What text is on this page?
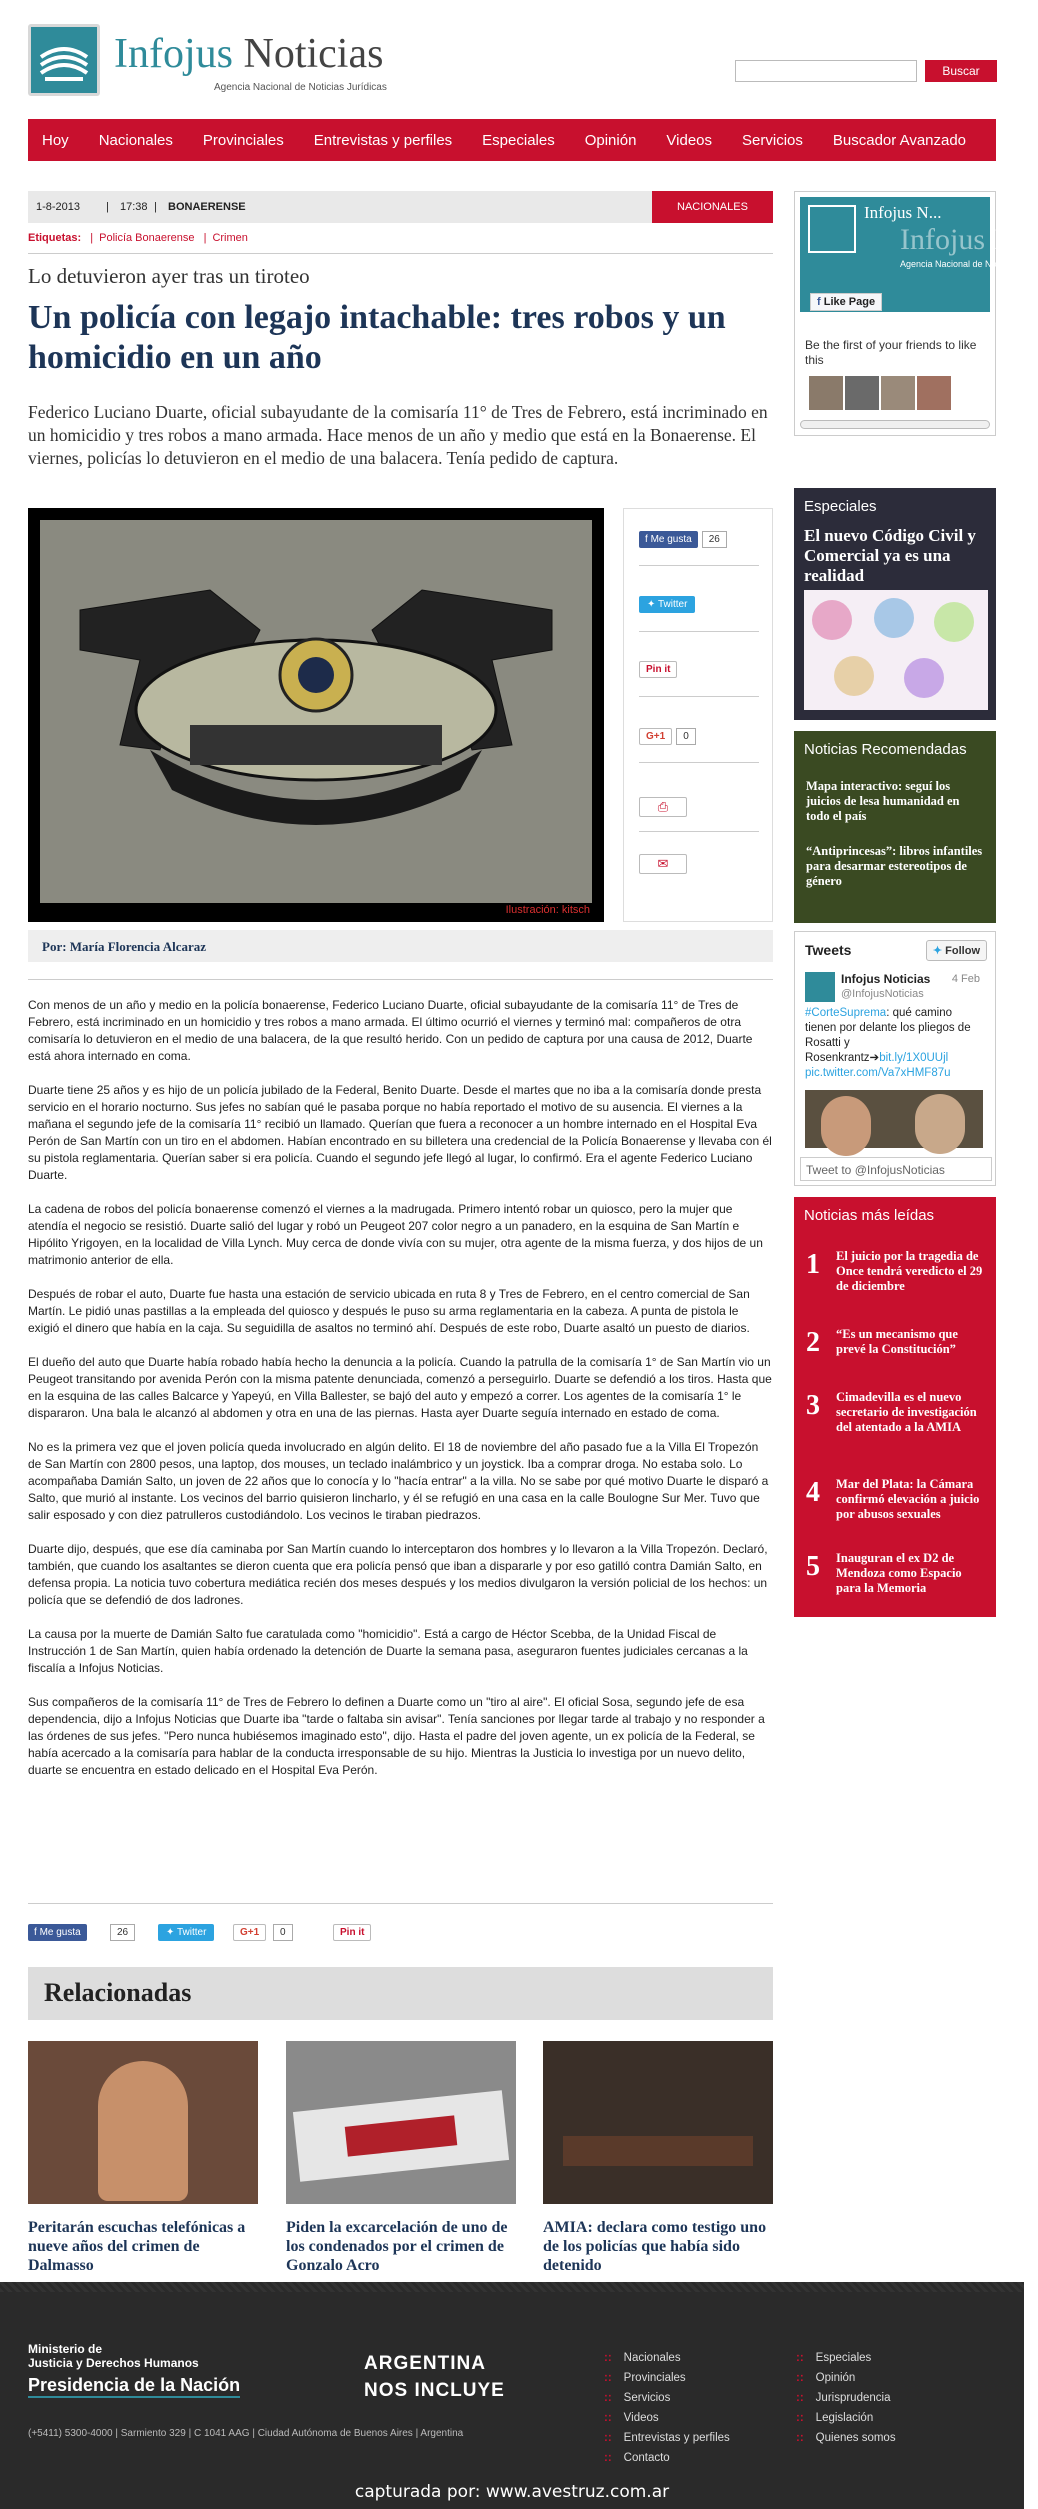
Infojus Noticias
Agencia Nacional de Noticias Jurídicas
Buscar
Hoy Nacionales Provinciales Entrevistas y perfiles Especiales Opinión Videos Servicios Buscador Avanzado
1-8-2013 | 17:38 | BONAERENSE	NACIONALES
Etiquetas: | Policía Bonaerense | Crimen
Lo detuvieron ayer tras un tiroteo
Un policía con legajo intachable: tres robos y un homicidio en un año
Federico Luciano Duarte, oficial subayudante de la comisaría 11° de Tres de Febrero, está incriminado en un homicidio y tres robos a mano armada. Hace menos de un año y medio que está en la Bonaerense. El viernes, policías lo detuvieron en el medio de una balacera. Tenía pedido de captura.
Ilustración: kitsch
f Me gusta 26
✦ Twitter
Pin it
G+1 0
⎙
✉
Por: María Florencia Alcaraz

Con menos de un año y medio en la policía bonaerense, Federico Luciano Duarte, oficial subayudante de la comisaría 11° de Tres de Febrero, está incriminado en un homicidio y tres robos a mano armada. El último ocurrió el viernes y terminó mal: compañeros de otra comisaría lo detuvieron en el medio de una balacera, de la que resultó herido. Con un pedido de captura por una causa de 2012, Duarte está ahora internado en coma.

Duarte tiene 25 años y es hijo de un policía jubilado de la Federal, Benito Duarte. Desde el martes que no iba a la comisaría donde presta servicio en el horario nocturno. Sus jefes no sabían qué le pasaba porque no había reportado el motivo de su ausencia. El viernes a la mañana el segundo jefe de la comisaría 11° recibió un llamado. Querían que fuera a reconocer a un hombre internado en el Hospital Eva Perón de San Martín con un tiro en el abdomen. Habían encontrado en su billetera una credencial de la Policía Bonaerense y llevaba con él su pistola reglamentaria. Querían saber si era policía. Cuando el segundo jefe llegó al lugar, lo confirmó. Era el agente Federico Luciano Duarte.

La cadena de robos del policía bonaerense comenzó el viernes a la madrugada. Primero intentó robar un quiosco, pero la mujer que atendía el negocio se resistió. Duarte salió del lugar y robó un Peugeot 207 color negro a un panadero, en la esquina de San Martín e Hipólito Yrigoyen, en la localidad de Villa Lynch. Muy cerca de donde vivía con su mujer, otra agente de la misma fuerza, y dos hijos de un matrimonio anterior de ella.

Después de robar el auto, Duarte fue hasta una estación de servicio ubicada en ruta 8 y Tres de Febrero, en el centro comercial de San Martín. Le pidió unas pastillas a la empleada del quiosco y después le puso su arma reglamentaria en la cabeza. A punta de pistola le exigió el dinero que había en la caja. Su seguidilla de asaltos no terminó ahí. Después de este robo, Duarte asaltó un puesto de diarios.

El dueño del auto que Duarte había robado había hecho la denuncia a la policía. Cuando la patrulla de la comisaría 1° de San Martín vio un Peugeot transitando por avenida Perón con la misma patente denunciada, comenzó a perseguirlo. Duarte se defendió a los tiros. Hasta que en la esquina de las calles Balcarce y Yapeyú, en Villa Ballester, se bajó del auto y empezó a correr. Los agentes de la comisaría 1° le dispararon. Una bala le alcanzó al abdomen y otra en una de las piernas. Hasta ayer Duarte seguía internado en estado de coma.

No es la primera vez que el joven policía queda involucrado en algún delito. El 18 de noviembre del año pasado fue a la Villa El Tropezón de San Martín con 2800 pesos, una laptop, dos mouses, un teclado inalámbrico y un joystick. Iba a comprar droga. No estaba solo. Lo acompañaba Damián Salto, un joven de 22 años que lo conocía y lo "hacía entrar" a la villa. No se sabe por qué motivo Duarte le disparó a Salto, que murió al instante. Los vecinos del barrio quisieron lincharlo, y él se refugió en una casa en la calle Boulogne Sur Mer. Tuvo que salir esposado y con diez patrulleros custodiándolo. Los vecinos le tiraban piedrazos.

Duarte dijo, después, que ese día caminaba por San Martín cuando lo interceptaron dos hombres y lo llevaron a la Villa Tropezón. Declaró, también, que cuando los asaltantes se dieron cuenta que era policía pensó que iban a dispararle y por eso gatilló contra Damián Salto, en defensa propia. La noticia tuvo cobertura mediática recién dos meses después y los medios divulgaron la versión policial de los hechos: un policía que se defendió de dos ladrones.

La causa por la muerte de Damián Salto fue caratulada como "homicidio". Está a cargo de Héctor Scebba, de la Unidad Fiscal de Instrucción 1 de San Martín, quien había ordenado la detención de Duarte la semana pasa, aseguraron fuentes judiciales cercanas a la fiscalía a Infojus Noticias.

Sus compañeros de la comisaría 11° de Tres de Febrero lo definen a Duarte como un "tiro al aire". El oficial Sosa, segundo jefe de esa dependencia, dijo a Infojus Noticias que Duarte iba "tarde o faltaba sin avisar". Tenía sanciones por llegar tarde al trabajo y no responder a las órdenes de sus jefes. "Pero nunca hubiésemos imaginado esto", dijo. Hasta el padre del joven agente, un ex policía de la Federal, se había acercado a la comisaría para hablar de la conducta irresponsable de su hijo. Mientras la Justicia lo investiga por un nuevo delito, duarte se encuentra en estado delicado en el Hospital Eva Perón.

f Me gusta	26	✦ Twitter	G+1	0	Pin it
Relacionadas
Peritarán escuchas telefónicas a nueve años del crimen de Dalmasso
Piden la excarcelación de uno de los condenados por el crimen de Gonzalo Acro
AMIA: declara como testigo uno de los policías que había sido detenido
Infojus N...
Infojus Not
Agencia Nacional de No
f Like Page
Be the first of your friends to like this
Especiales
El nuevo Código Civil y Comercial ya es una realidad
Noticias Recomendadas
Mapa interactivo: seguí los juicios de lesa humanidad en todo el país
“Antiprincesas”: libros infantiles para desarmar estereotipos de género
Tweets	✦ Follow
Infojus Noticias	4 Feb
@InfojusNoticias
#CorteSuprema: qué camino tienen por delante los pliegos de Rosatti y Rosenkrantz➔bit.ly/1X0UUjl
pic.twitter.com/Va7xHMF87u
Tweet to @InfojusNoticias
Noticias más leídas
1 El juicio por la tragedia de Once tendrá veredicto el 29 de diciembre
2 “Es un mecanismo que prevé la Constitución”
3 Cimadevilla es el nuevo secretario de investigación del atentado a la AMIA
4 Mar del Plata: la Cámara confirmó elevación a juicio por abusos sexuales
5 Inauguran el ex D2 de Mendoza como Espacio para la Memoria
Ministerio de
Justicia y Derechos Humanos
Presidencia de la Nación
(+5411) 5300-4000 | Sarmiento 329 | C 1041 AAG | Ciudad Autónoma de Buenos Aires | Argentina
ARGENTINA
NOS INCLUYE
:: Nacionales
:: Provinciales
:: Servicios
:: Videos
:: Entrevistas y perfiles
:: Contacto
:: Especiales
:: Opinión
:: Jurisprudencia
:: Legislación
:: Quienes somos
capturada por: www.avestruz.com.ar
